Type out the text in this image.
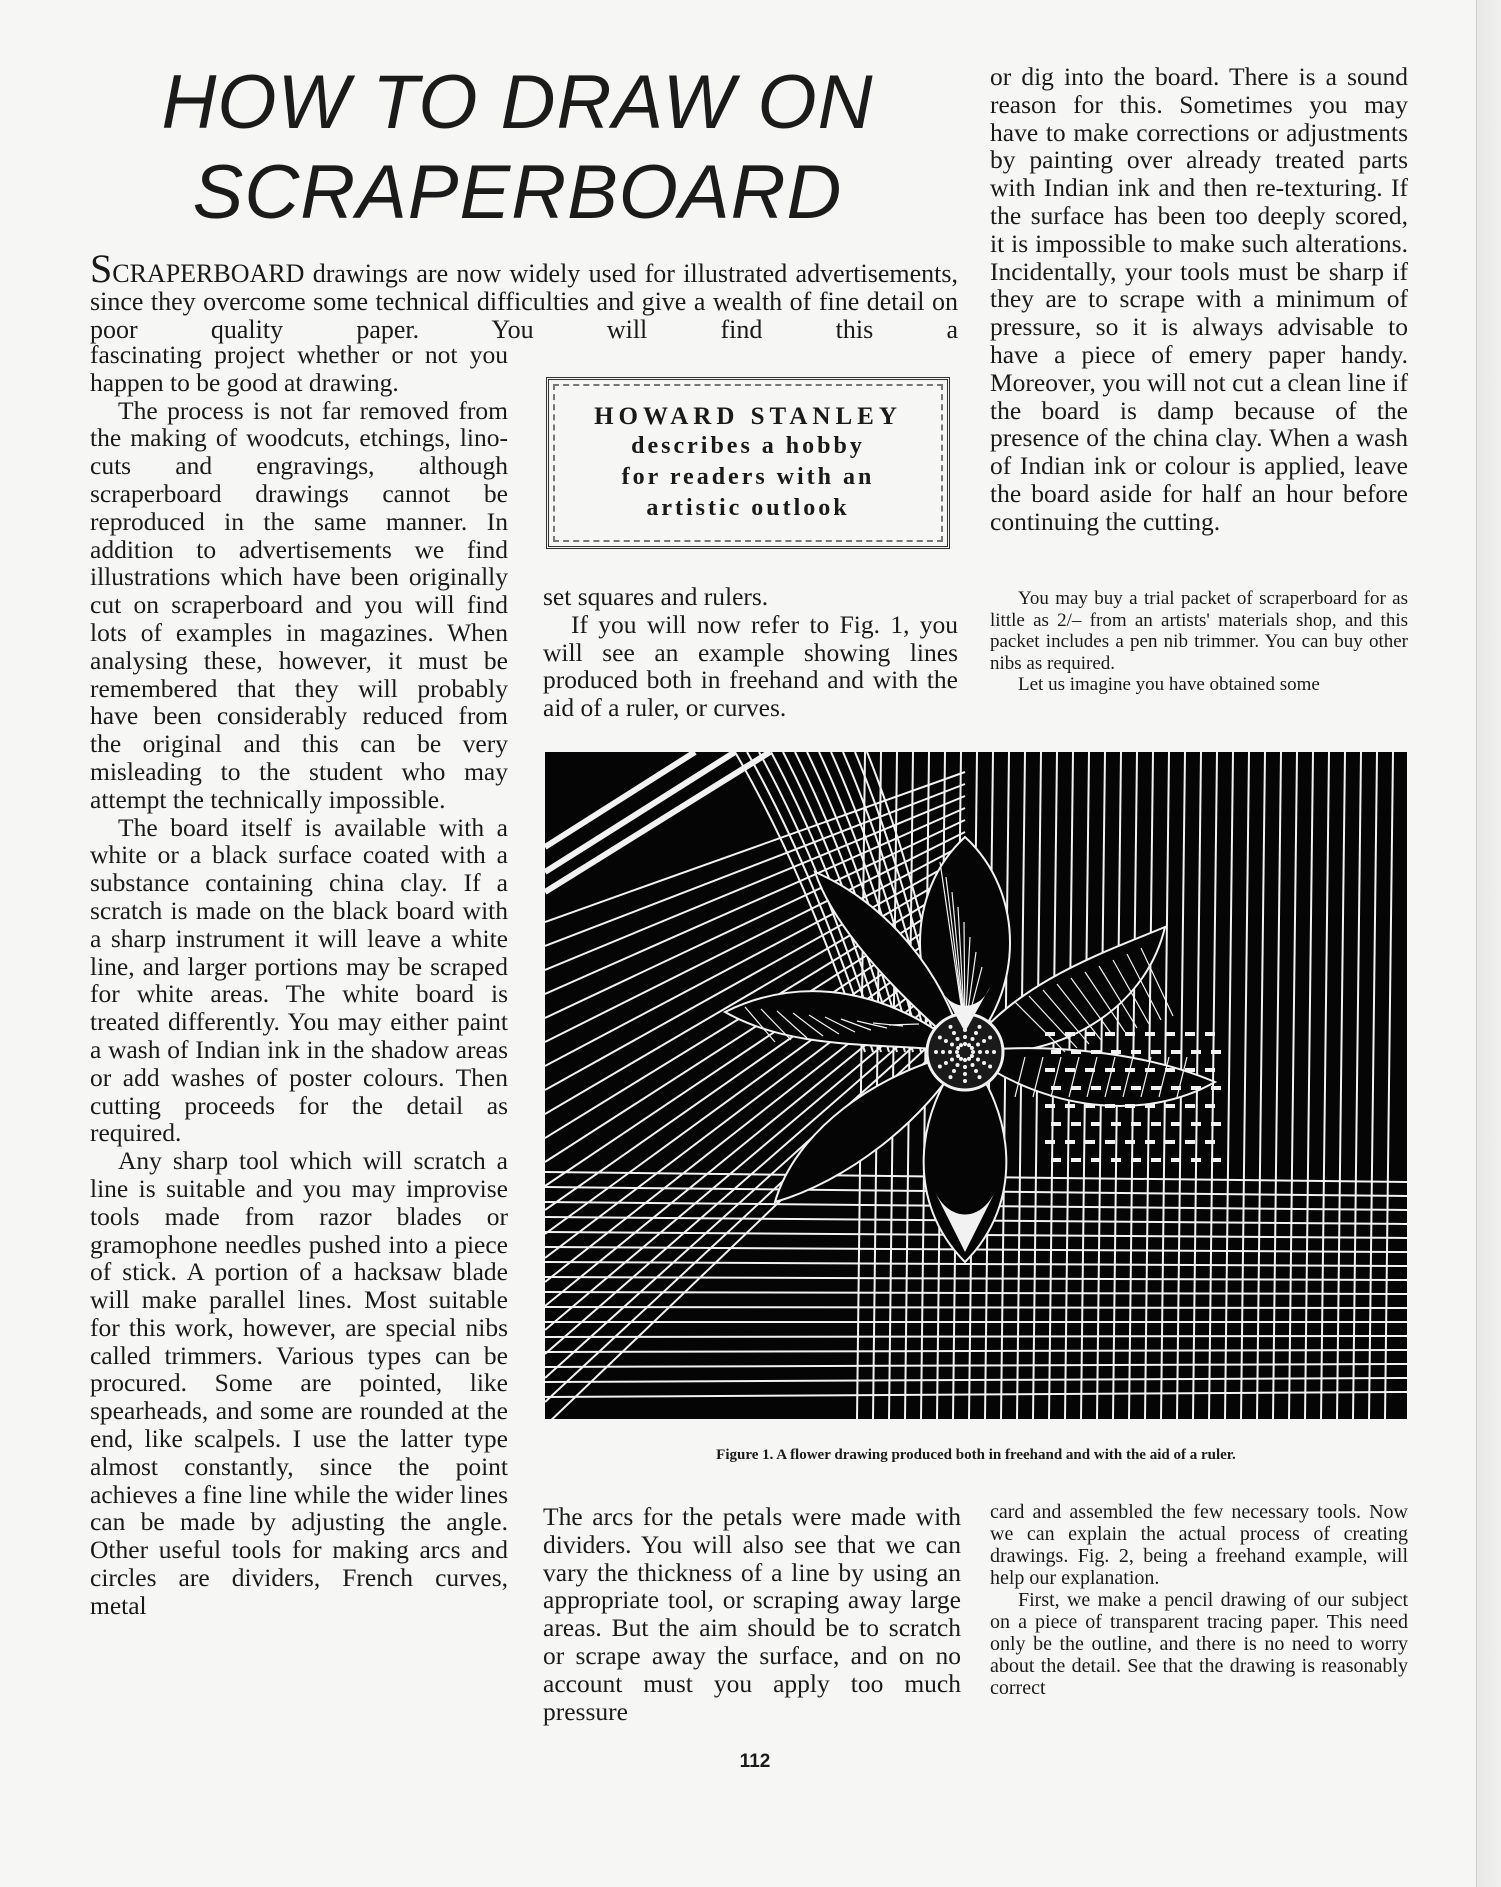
HOW TO DRAW ON
SCRAPERBOARD
SCRAPERBOARD drawings are now widely used for illustrated advertisements, since they overcome some technical difficulties and give a wealth of fine detail on poor quality paper. You will find this a

fascinating project whether or not you happen to be good at drawing.

The process is not far removed from the making of woodcuts, etchings, lino-cuts and engravings, although scraperboard drawings cannot be reproduced in the same manner. In addition to advertisements we find illustrations which have been originally cut on scraperboard and you will find lots of examples in magazines. When analysing these, however, it must be remembered that they will probably have been considerably reduced from the original and this can be very misleading to the student who may attempt the technically impossible.

The board itself is available with a white or a black surface coated with a substance containing china clay. If a scratch is made on the black board with a sharp instrument it will leave a white line, and larger portions may be scraped for white areas. The white board is treated differently. You may either paint a wash of Indian ink in the shadow areas or add washes of poster colours. Then cutting proceeds for the detail as required.

Any sharp tool which will scratch a line is suitable and you may improvise tools made from razor blades or gramophone needles pushed into a piece of stick. A portion of a hacksaw blade will make parallel lines. Most suitable for this work, however, are special nibs called trimmers. Various types can be procured. Some are pointed, like spearheads, and some are rounded at the end, like scalpels. I use the latter type almost constantly, since the point achieves a fine line while the wider lines can be made by adjusting the angle. Other useful tools for making arcs and circles are dividers, French curves, metal

HOWARD STANLEY
describes a hobby
for readers with an
artistic outlook

set squares and rulers.

If you will now refer to Fig. 1, you will see an example showing lines produced both in freehand and with the aid of a ruler, or curves.

or dig into the board. There is a sound reason for this. Sometimes you may have to make corrections or adjustments by painting over already treated parts with Indian ink and then re-texturing. If the surface has been too deeply scored, it is impossible to make such alterations. Incidentally, your tools must be sharp if they are to scrape with a minimum of pressure, so it is always advisable to have a piece of emery paper handy. Moreover, you will not cut a clean line if the board is damp because of the presence of the china clay. When a wash of Indian ink or colour is applied, leave the board aside for half an hour before continuing the cutting.

You may buy a trial packet of scraperboard for as little as 2/– from an artists' materials shop, and this packet includes a pen nib trimmer. You can buy other nibs as required.

Let us imagine you have obtained some

Figure 1. A flower drawing produced both in freehand and with the aid of a ruler.

The arcs for the petals were made with dividers. You will also see that we can vary the thickness of a line by using an appropriate tool, or scraping away large areas. But the aim should be to scratch or scrape away the surface, and on no account must you apply too much pressure

card and assembled the few necessary tools. Now we can explain the actual process of creating drawings. Fig. 2, being a freehand example, will help our explanation.

First, we make a pencil drawing of our subject on a piece of transparent tracing paper. This need only be the outline, and there is no need to worry about the detail. See that the drawing is reasonably correct

112
